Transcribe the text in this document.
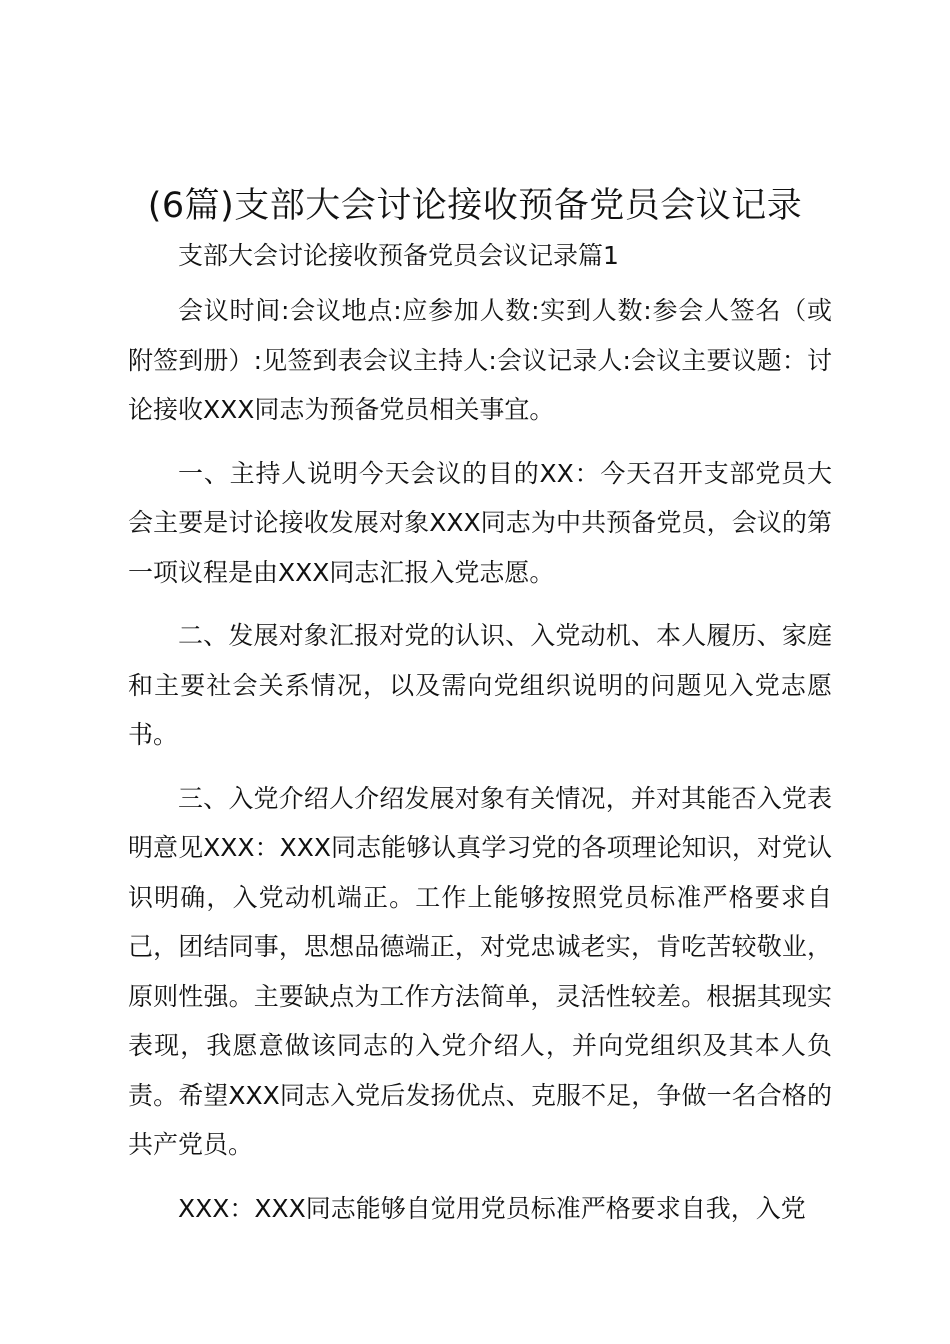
(6篇)支部大会讨论接收预备党员会议记录

支部大会讨论接收预备党员会议记录篇1

会议时间:会议地点:应参加人数:实到人数:参会人签名（或附签到册）:见签到表会议主持人:会议记录人:会议主要议题：讨论接收XXX同志为预备党员相关事宜。

一、主持人说明今天会议的目的XX：今天召开支部党员大会主要是讨论接收发展对象XXX同志为中共预备党员，会议的第一项议程是由XXX同志汇报入党志愿。

二、发展对象汇报对党的认识、入党动机、本人履历、家庭和主要社会关系情况，以及需向党组织说明的问题见入党志愿书。

三、入党介绍人介绍发展对象有关情况，并对其能否入党表明意见XXX：XXX同志能够认真学习党的各项理论知识，对党认识明确，入党动机端正。工作上能够按照党员标准严格要求自己，团结同事，思想品德端正，对党忠诚老实，肯吃苦较敬业，原则性强。主要缺点为工作方法简单，灵活性较差。根据其现实表现，我愿意做该同志的入党介绍人，并向党组织及其本人负责。希望XXX同志入党后发扬优点、克服不足，争做一名合格的共产党员。

XXX：XXX同志能够自觉用党员标准严格要求自我，入党
